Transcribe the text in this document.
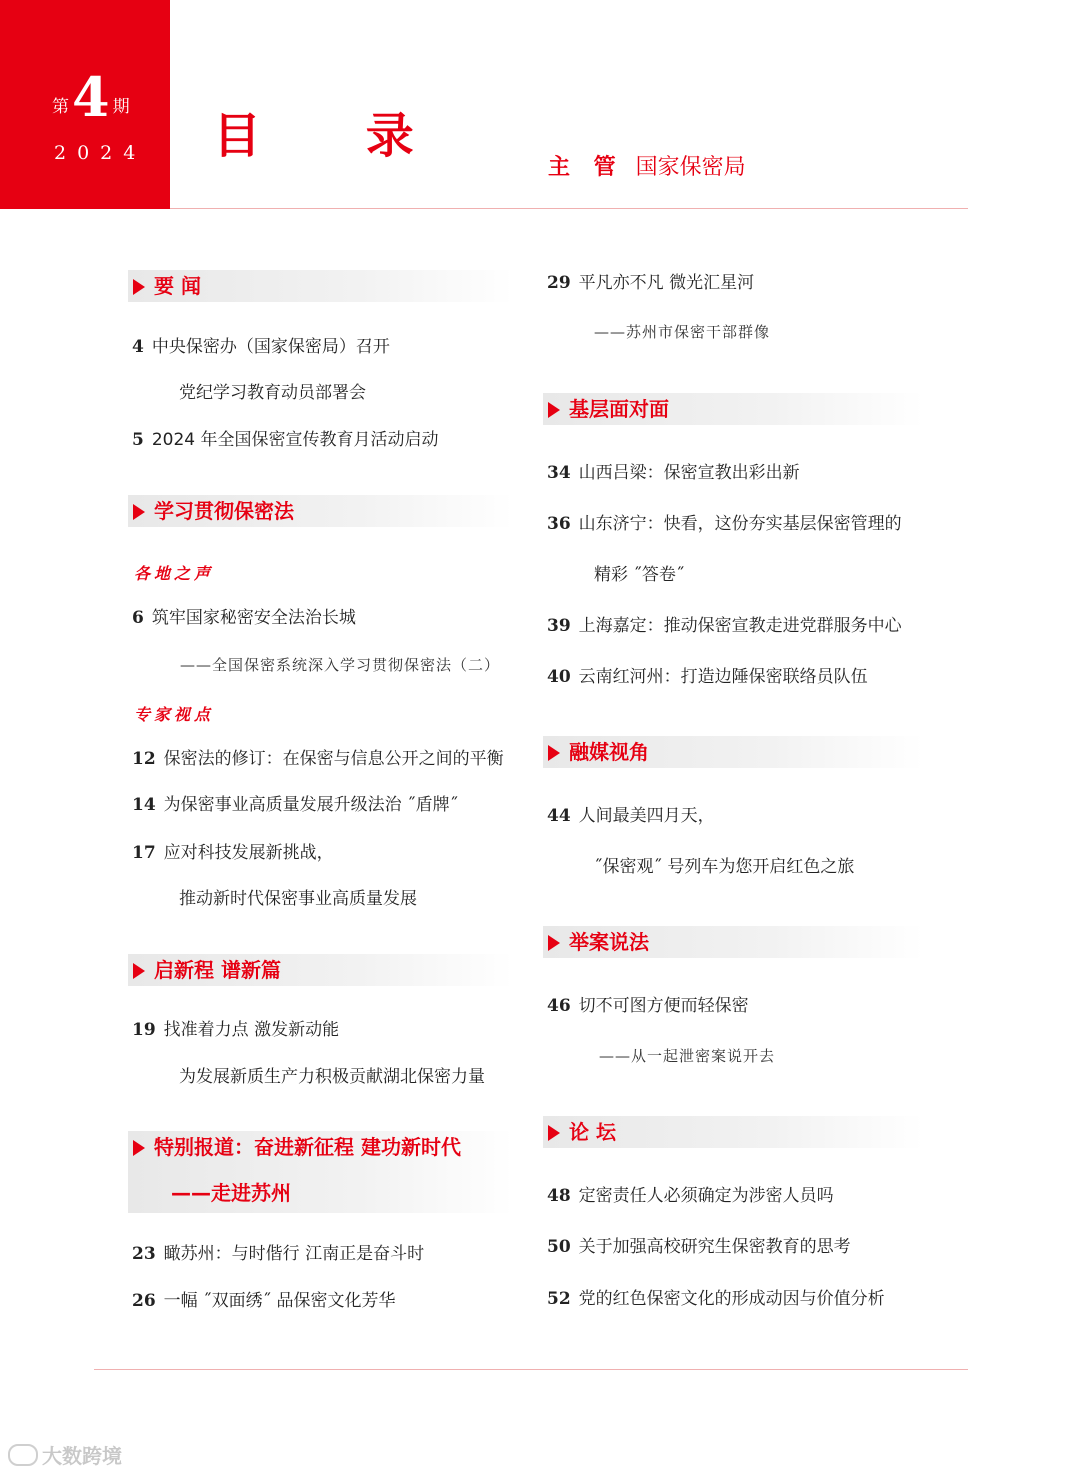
第 4 期
2024 目 录
主 管 国家保密局
要 闻
4 中央保密办（国家保密局）召开
党纪学习教育动员部署会
5 2024 年全国保密宣传教育月活动启动
学习贯彻保密法
各地之声
6 筑牢国家秘密安全法治长城
——全国保密系统深入学习贯彻保密法（二）
专家视点
12 保密法的修订：在保密与信息公开之间的平衡
14 为保密事业高质量发展升级法治 ˝盾牌˝
17 应对科技发展新挑战，
推动新时代保密事业高质量发展
启新程 谱新篇
19 找准着力点 激发新动能
为发展新质生产力积极贡献湖北保密力量
特别报道：奋进新征程 建功新时代
——走进苏州
23 瞰苏州：与时偕行 江南正是奋斗时
26 一幅 ˝双面绣˝ 品保密文化芳华
29 平凡亦不凡 微光汇星河
——苏州市保密干部群像
基层面对面
34 山西吕梁：保密宣教出彩出新
36 山东济宁：快看，这份夯实基层保密管理的
精彩 ˝答卷˝
39 上海嘉定：推动保密宣教走进党群服务中心
40 云南红河州：打造边陲保密联络员队伍
融媒视角
44 人间最美四月天，
˝保密观˝ 号列车为您开启红色之旅
举案说法
46 切不可图方便而轻保密
——从一起泄密案说开去
论 坛
48 定密责任人必须确定为涉密人员吗
50 关于加强高校研究生保密教育的思考
52 党的红色保密文化的形成动因与价值分析
大数跨境
